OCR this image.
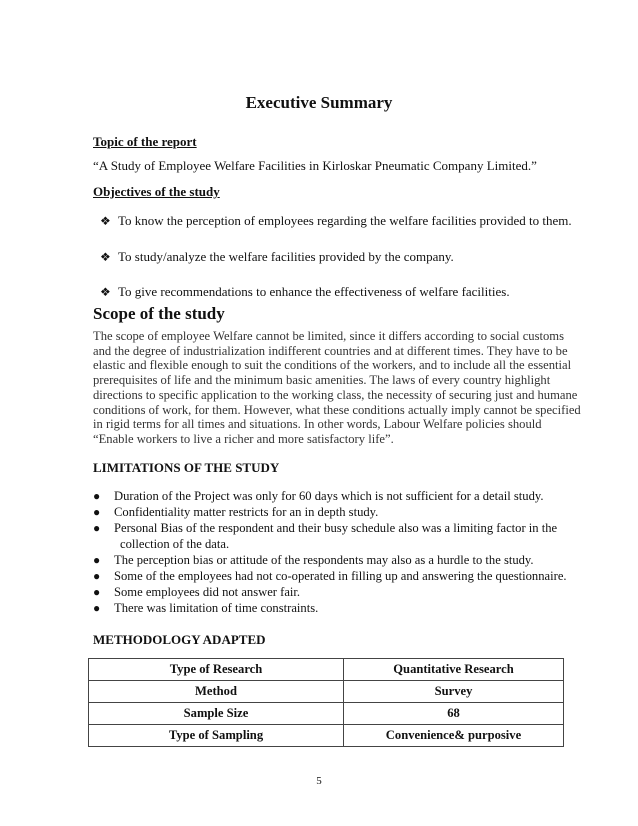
Executive Summary
Topic of the report
“A Study of Employee Welfare Facilities in Kirloskar Pneumatic Company Limited.”
Objectives of the study
❖ To know the perception of employees regarding the welfare facilities provided to them.
❖ To study/analyze the welfare facilities provided by the company.
❖ To give recommendations to enhance the effectiveness of welfare facilities.
Scope of the study
The scope of employee Welfare cannot be limited, since it differs according to social customs
and the degree of industrialization indifferent countries and at different times. They have to be
elastic and flexible enough to suit the conditions of the workers, and to include all the essential
prerequisites of life and the minimum basic amenities. The laws of every country highlight
directions to specific application to the working class, the necessity of securing just and humane
conditions of work, for them. However, what these conditions actually imply cannot be specified
in rigid terms for all times and situations. In other words, Labour Welfare policies should
“Enable workers to live a richer and more satisfactory life”.
LIMITATIONS OF THE STUDY
● Duration of the Project was only for 60 days which is not sufficient for a detail study.
● Confidentiality matter restricts for an in depth study.
● Personal Bias of the respondent and their busy schedule also was a limiting factor in the
collection of the data.
● The perception bias or attitude of the respondents may also as a hurdle to the study.
● Some of the employees had not co-operated in filling up and answering the questionnaire.
● Some employees did not answer fair.
● There was limitation of time constraints.
METHODOLOGY ADAPTED
Type of Research	Quantitative Research
Method	Survey
Sample Size	68
Type of Sampling	Convenience& purposive
5
